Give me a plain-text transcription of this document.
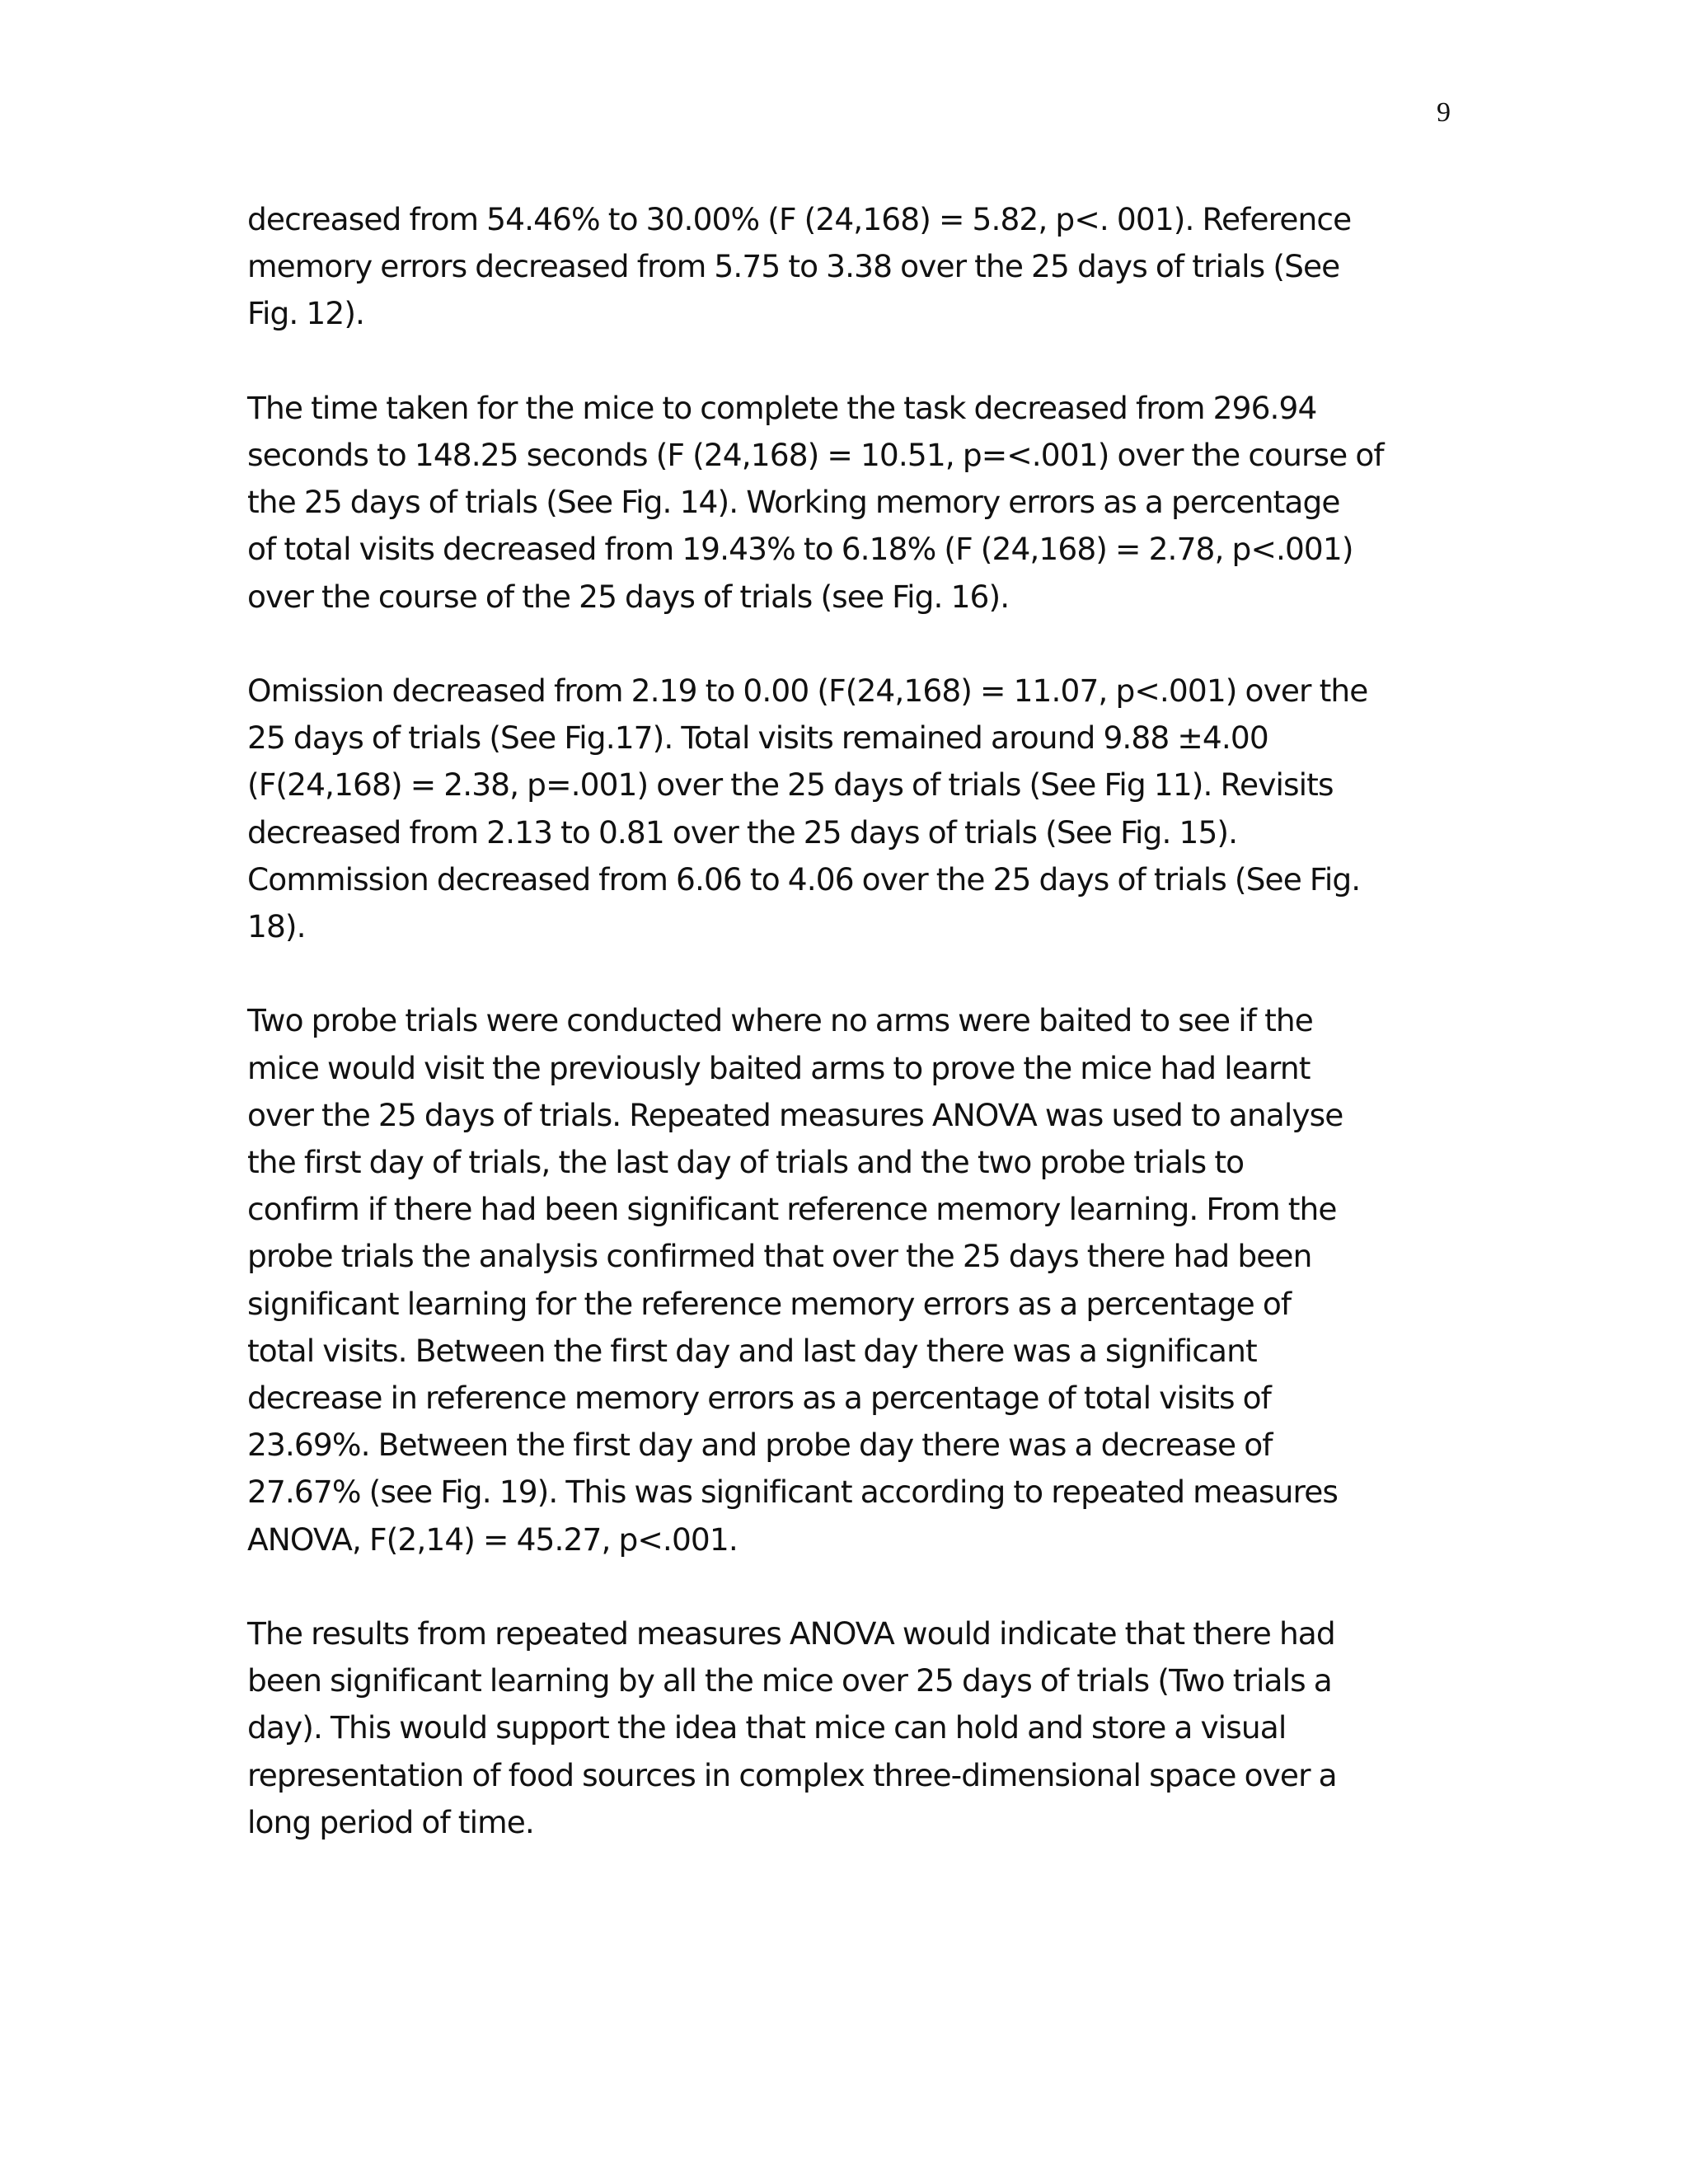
9
decreased from 54.46% to 30.00% (F (24,168) = 5.82, p<. 001). Reference
memory errors decreased from 5.75 to 3.38 over the 25 days of trials (See
Fig. 12).
The time taken for the mice to complete the task decreased from 296.94
seconds to 148.25 seconds (F (24,168) = 10.51, p=<.001) over the course of
the 25 days of trials (See Fig. 14). Working memory errors as a percentage
of total visits decreased from 19.43% to 6.18% (F (24,168) = 2.78, p<.001)
over the course of the 25 days of trials (see Fig. 16).
Omission decreased from 2.19 to 0.00 (F(24,168) = 11.07, p<.001) over the
25 days of trials (See Fig.17). Total visits remained around 9.88 ±4.00
(F(24,168) = 2.38, p=.001) over the 25 days of trials (See Fig 11). Revisits
decreased from 2.13 to 0.81 over the 25 days of trials (See Fig. 15).
Commission decreased from 6.06 to 4.06 over the 25 days of trials (See Fig.
18).
Two probe trials were conducted where no arms were baited to see if the
mice would visit the previously baited arms to prove the mice had learnt
over the 25 days of trials. Repeated measures ANOVA was used to analyse
the first day of trials, the last day of trials and the two probe trials to
confirm if there had been significant reference memory learning. From the
probe trials the analysis confirmed that over the 25 days there had been
significant learning for the reference memory errors as a percentage of
total visits. Between the first day and last day there was a significant
decrease in reference memory errors as a percentage of total visits of
23.69%. Between the first day and probe day there was a decrease of
27.67% (see Fig. 19). This was significant according to repeated measures
ANOVA, F(2,14) = 45.27, p<.001.
The results from repeated measures ANOVA would indicate that there had
been significant learning by all the mice over 25 days of trials (Two trials a
day). This would support the idea that mice can hold and store a visual
representation of food sources in complex three-dimensional space over a
long period of time.
